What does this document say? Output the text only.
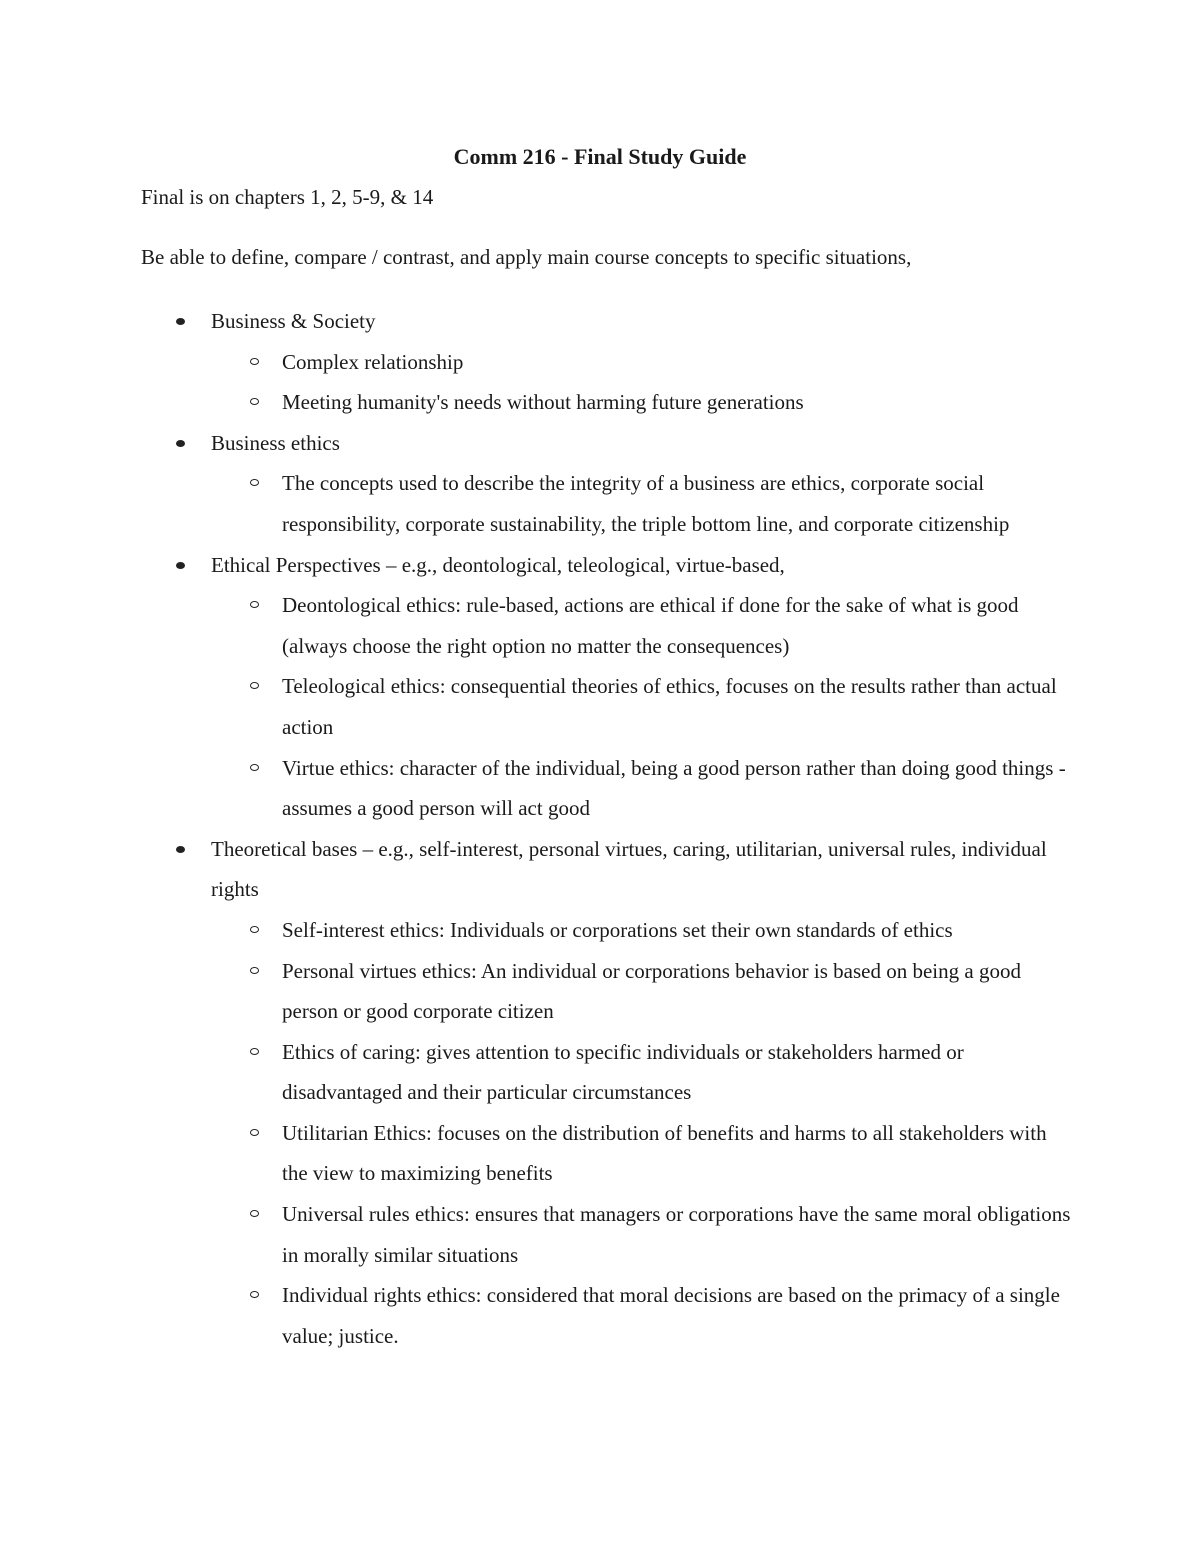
Comm 216 - Final Study Guide
Final is on chapters 1, 2, 5-9, & 14
Be able to define, compare / contrast, and apply main course concepts to specific situations,
Business & Society
Complex relationship
Meeting humanity's needs without harming future generations
Business ethics
The concepts used to describe the integrity of a business are ethics, corporate social responsibility, corporate sustainability, the triple bottom line, and corporate citizenship
Ethical Perspectives – e.g., deontological, teleological, virtue-based,
Deontological ethics: rule-based, actions are ethical if done for the sake of what is good (always choose the right option no matter the consequences)
Teleological ethics: consequential theories of ethics, focuses on the results rather than actual action
Virtue ethics: character of the individual, being a good person rather than doing good things - assumes a good person will act good
Theoretical bases – e.g., self-interest, personal virtues, caring, utilitarian, universal rules, individual rights
Self-interest ethics: Individuals or corporations set their own standards of ethics
Personal virtues ethics: An individual or corporations behavior is based on being a good person or good corporate citizen
Ethics of caring: gives attention to specific individuals or stakeholders harmed or disadvantaged and their particular circumstances
Utilitarian Ethics: focuses on the distribution of benefits and harms to all stakeholders with the view to maximizing benefits
Universal rules ethics: ensures that managers or corporations have the same moral obligations in morally similar situations
Individual rights ethics: considered that moral decisions are based on the primacy of a single value; justice.
